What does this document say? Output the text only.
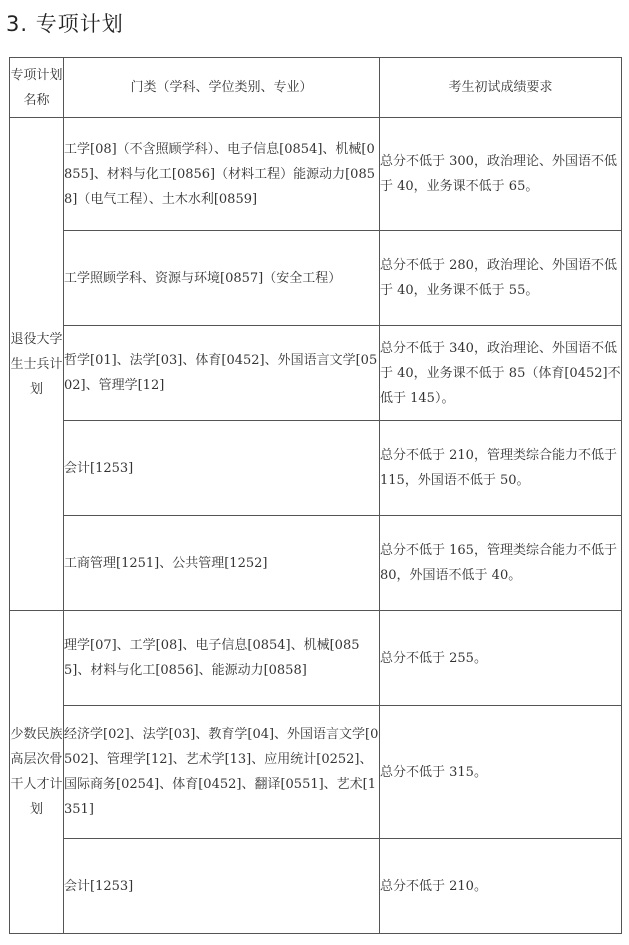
3. 专项计划
专项计划名称	门类（学科、学位类别、专业）	考生初试成绩要求
退役大学生士兵计划	工学[08]（不含照顾学科）、电子信息[0854]、机械[0855]、材料与化工[0856]（材料工程）能源动力[0858]（电气工程）、土木水利[0859]	总分不低于 300，政治理论、外国语不低于 40，业务课不低于 65。

	工学照顾学科、资源与环境[0857]（安全工程）	总分不低于 280，政治理论、外国语不低于 40，业务课不低于 55。

	哲学[01]、法学[03]、体育[0452]、外国语言文学[0502]、管理学[12]	总分不低于 340，政治理论、外国语不低于 40，业务课不低于 85（体育[0452]不低于 145）。

	会计[1253]	总分不低于 210，管理类综合能力不低于 115，外国语不低于 50。

	工商管理[1251]、公共管理[1252]	总分不低于 165，管理类综合能力不低于 80，外国语不低于 40。

少数民族高层次骨干人才计划	理学[07]、工学[08]、电子信息[0854]、机械[0855]、材料与化工[0856]、能源动力[0858]	总分不低于 255。

	经济学[02]、法学[03]、教育学[04]、外国语言文学[0502]、管理学[12]、艺术学[13]、应用统计[0252]、国际商务[0254]、体育[0452]、翻译[0551]、艺术[1351]	总分不低于 315。

	会计[1253]	总分不低于 210。
